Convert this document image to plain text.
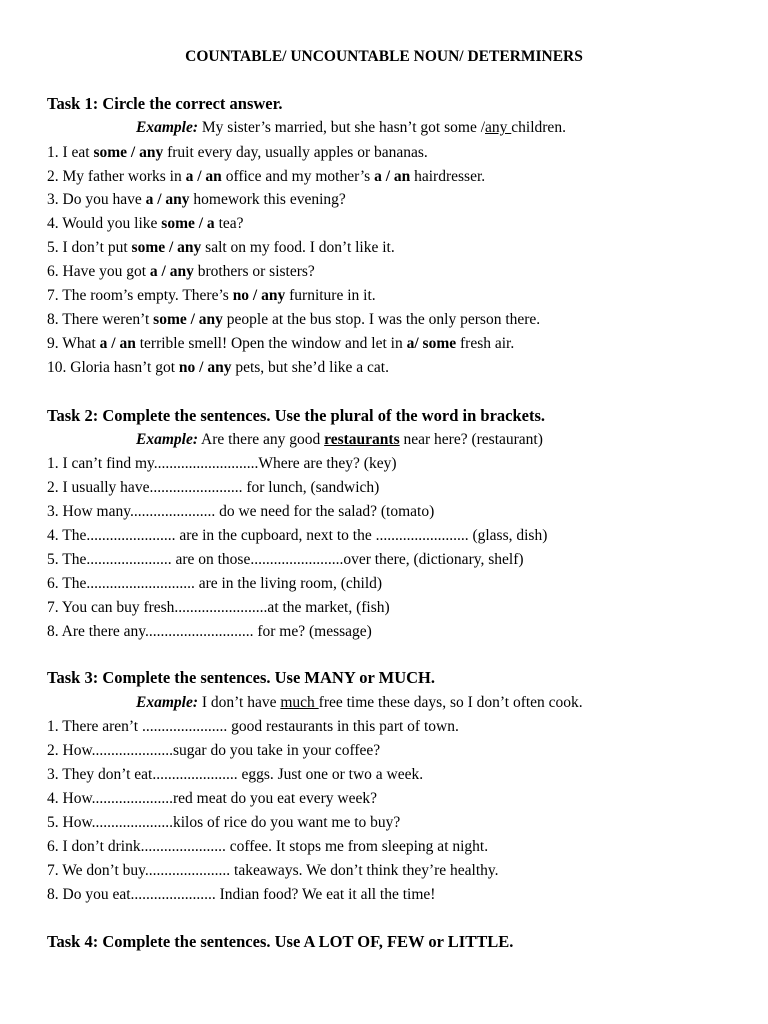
COUNTABLE/ UNCOUNTABLE NOUN/ DETERMINERS
Task 1: Circle the correct answer.
Example: My sister’s married, but she hasn’t got some /any children.
1. I eat some / any fruit every day, usually apples or bananas.
2. My father works in a / an office and my mother’s a / an hairdresser.
3. Do you have a / any homework this evening?
4. Would you like some / a tea?
5. I don’t put some / any salt on my food. I don’t like it.
6. Have you got a / any brothers or sisters?
7. The room’s empty. There’s no / any furniture in it.
8. There weren’t some / any people at the bus stop. I was the only person there.
9. What a / an terrible smell! Open the window and let in a/ some fresh air.
10. Gloria hasn’t got no / any pets, but she’d like a cat.
Task 2: Complete the sentences. Use the plural of the word in brackets.
Example: Are there any good restaurants near here? (restaurant)
1. I can’t find my...........................Where are they? (key)
2. I usually have........................ for lunch, (sandwich)
3. How many...................... do we need for the salad? (tomato)
4. The....................... are in the cupboard, next to the ........................ (glass, dish)
5. The...................... are on those........................over there, (dictionary, shelf)
6. The............................ are in the living room, (child)
7. You can buy fresh........................at the market, (fish)
8. Are there any............................ for me? (message)
Task 3: Complete the sentences. Use MANY or MUCH.
Example: I don’t have much free time these days, so I don’t often cook.
1. There aren’t ...................... good restaurants in this part of town.
2. How.....................sugar do you take in your coffee?
3. They don’t eat...................... eggs. Just one or two a week.
4. How.....................red meat do you eat every week?
5. How.....................kilos of rice do you want me to buy?
6. I don’t drink...................... coffee. It stops me from sleeping at night.
7. We don’t buy...................... takeaways. We don’t think they’re healthy.
8. Do you eat...................... Indian food? We eat it all the time!
Task 4: Complete the sentences. Use A LOT OF, FEW or LITTLE.
